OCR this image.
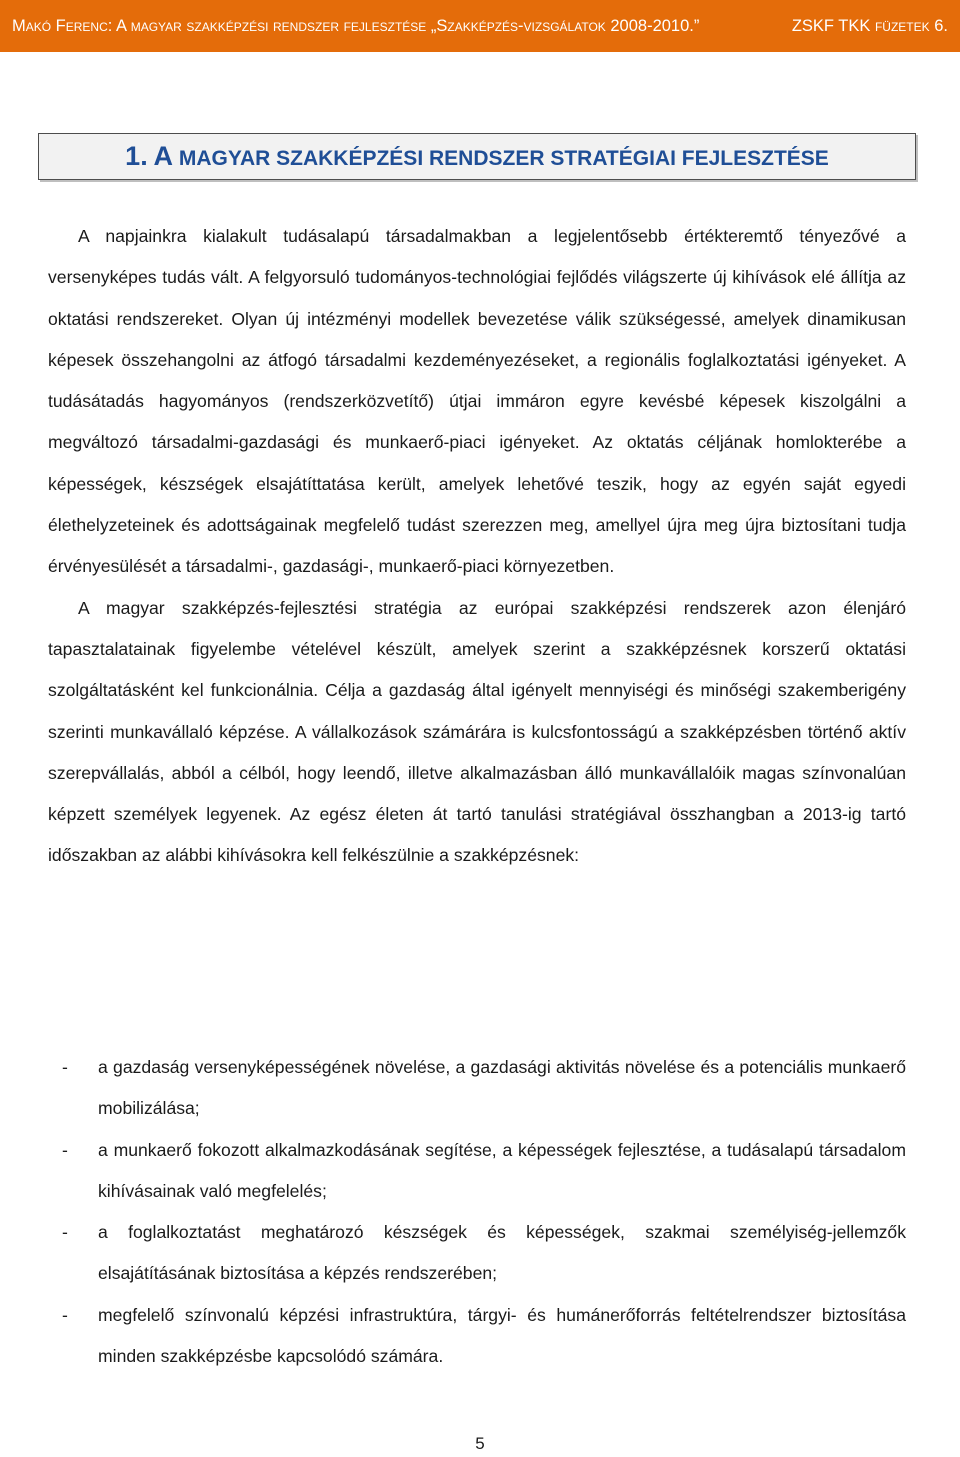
Makó Ferenc: A magyar szakképzési rendszer fejlesztése „Szakképzés-vizsgálatok 2008-2010.”	ZSKF TKK füzetek 6.
1. A MAGYAR SZAKKÉPZÉSI RENDSZER STRATÉGIAI FEJLESZTÉSE

A napjainkra kialakult tudásalapú társadalmakban a legjelentősebb értékteremtő tényezővé a versenyképes tudás vált. A felgyorsuló tudományos-technológiai fejlődés világszerte új kihívások elé állítja az oktatási rendszereket. Olyan új intézményi modellek bevezetése válik szükségessé, amelyek dinamikusan képesek összehangolni az átfogó társadalmi kezdeményezéseket, a regionális foglalkoztatási igényeket. A tudásátadás hagyományos (rendszerközvetítő) útjai immáron egyre kevésbé képesek kiszolgálni a megváltozó társadalmi-gazdasági és munkaerő-piaci igényeket. Az oktatás céljának homlokterébe a képességek, készségek elsajátíttatása került, amelyek lehetővé teszik, hogy az egyén saját egyedi élethelyzeteinek és adottságainak megfelelő tudást szerezzen meg, amellyel újra meg újra biztosítani tudja érvényesülését a társadalmi-, gazdasági-, munkaerő-piaci környezetben.

A magyar szakképzés-fejlesztési stratégia az európai szakképzési rendszerek azon élenjáró tapasztalatainak figyelembe vételével készült, amelyek szerint a szakképzésnek korszerű oktatási szolgáltatásként kel funkcionálnia. Célja a gazdaság által igényelt mennyiségi és minőségi szakemberigény szerinti munkavállaló képzése. A vállalkozások számárára is kulcsfontosságú a szakképzésben történő aktív szerepvállalás, abból a célból, hogy leendő, illetve alkalmazásban álló munkavállalóik magas színvonalúan képzett személyek legyenek. Az egész életen át tartó tanulási stratégiával összhangban a 2013-ig tartó időszakban az alábbi kihívásokra kell felkészülnie a szakképzésnek:

- a gazdaság versenyképességének növelése, a gazdasági aktivitás növelése és a potenciális munkaerő mobilizálása;
- a munkaerő fokozott alkalmazkodásának segítése, a képességek fejlesztése, a tudásalapú társadalom kihívásainak való megfelelés;
- a foglalkoztatást meghatározó készségek és képességek, szakmai személyiség-jellemzők elsajátításának biztosítása a képzés rendszerében;
- megfelelő színvonalú képzési infrastruktúra, tárgyi- és humánerőforrás feltételrendszer biztosítása minden szakképzésbe kapcsolódó számára.
5
